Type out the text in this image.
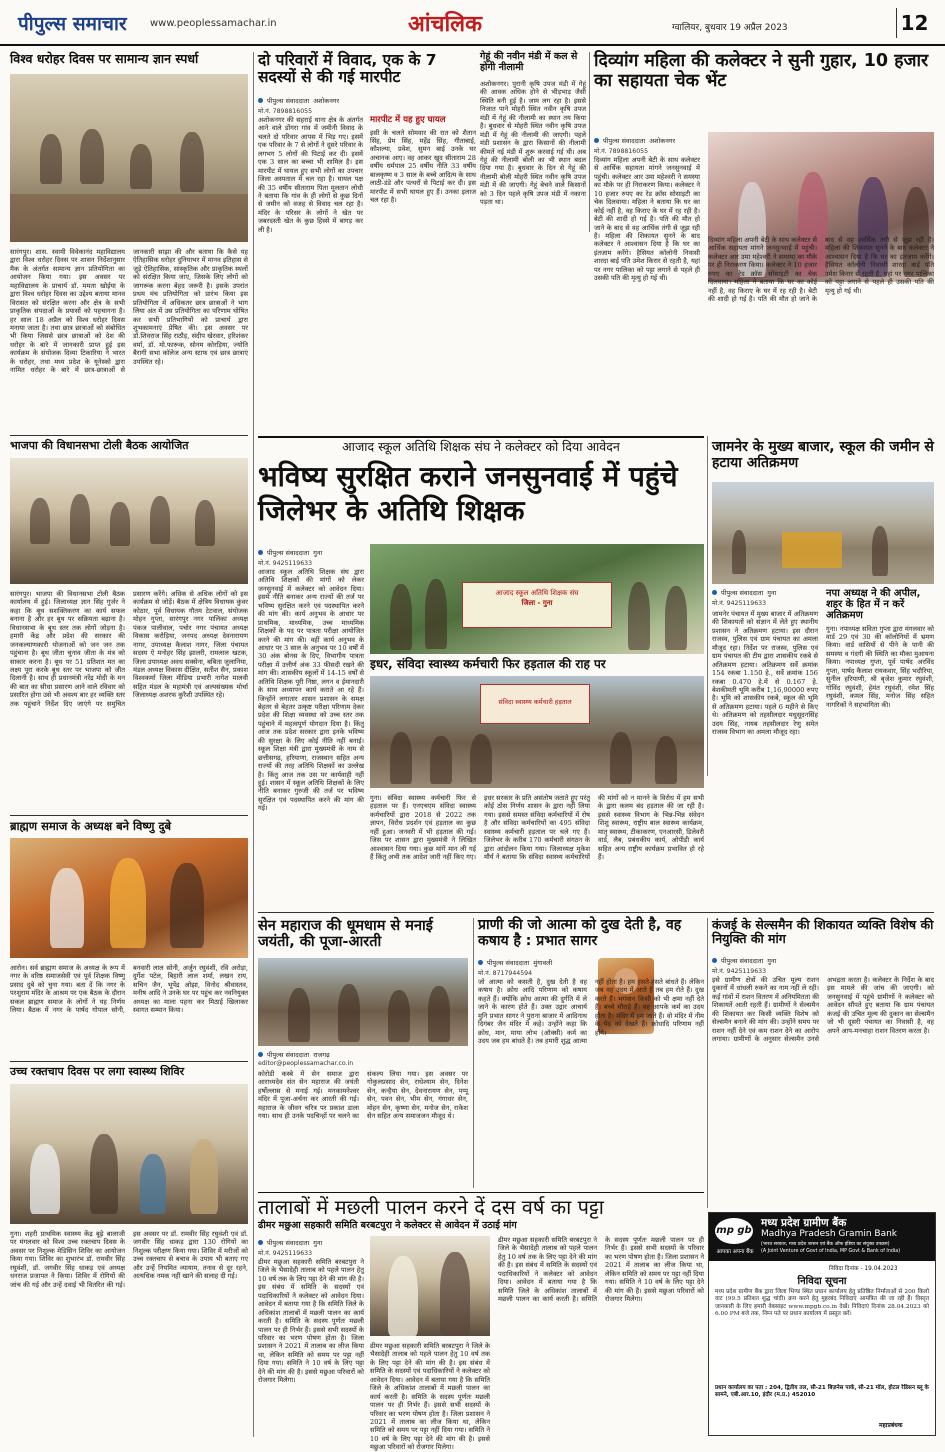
पीपुल्स समाचार www.peoplessamachar.in	आंचलिक	ग्वालियर, बुधवार 19 अप्रैल 2023	12
विश्व धरोहर दिवस पर सामान्य ज्ञान स्पर्धा
सारंगपुर। शास. स्वामी विवेकानंद महाविद्यालय द्वारा विश्व धरोहर दिवस पर शासन निर्देशानुसार मैक के अंतर्गत सामान्य ज्ञान प्रतियोगिता का आयोजन किया गया। इस अवसर पर महाविद्यालय के प्राचार्य डॉ. ममता खोईया के द्वारा विश्व धरोहर दिवस का उद्देश्य बताया मानव विरासत को संरक्षित करना और क्षेत्र के सभी प्राकृतिक संपदाओं के प्रयासों को पहचानना है। हर साल 18 अप्रैल को विश्व धरोहर दिवस मनाया जाता है। तथा छात्र छात्राओं को संबोधित भी किया जिससे छात्र छात्राओं को देश की धरोहर के बारे में जानकारी प्राप्त हुई इस कार्यक्रम के संयोजक दिव्या टिकारिया ने भारत के धरोहर, तथा मध्य प्रदेश के यूनेस्को द्वारा नामित धरोहर के बारे में छात्र-छात्राओं से जानकारी साझा की और बताया कि कैसे यह ऐतिहासिक धरोहर दुनियाभर में मानव इतिहास से जुड़े ऐतिहासिक, सांस्कृतिक और प्राकृतिक स्थलों को संरक्षित किया जाए, जिसके लिए लोगों को जागरूक करना बेहद जरूरी है। इसके उपरांत प्रथम मंच प्रतियोगिता को प्रारंभ किया इस प्रतियोगिता में अधिकतर छात्र छात्राओं ने भाग लिया अंत में उस प्रतियोगिता का परिणाम घोषित कर सभी प्रतिभागियों को प्राचार्य द्वारा शुभकामनाएं प्रेषित की। इस अवसर पर डॉ.शिवराज सिंह राठौड़, संदीप खेरवार, हरिशंकर वर्मा, डॉ. मो.फारूक, सोनम कोरड़िया, ज्योति बैरागी सभा कॉलेज अन्य स्टाफ एवं छात्र छात्राएं उपस्थित रहे।
भाजपा की विधानसभा टोली बैठक आयोजित
सारंगपुर। भाजपा की विधानसभा टोली बैठक कार्यालय में हुई। जिलाध्यक्ष ज्ञान सिंह गुर्जर ने कहा कि बूथ सशक्तिकरण का कार्य सफल बनाना है और हर बूथ पर सक्रियता बढ़ाना है। विधानसभा के बूथ स्तर तक लोगों जोड़ना है। हमारी केंद्र और प्रदेश की सरकार की जनकल्याणकारी योजनाओं को जन जन तक पहुंचाना है। बूथ जीता चुनाव जीता के मंत्र को साकार करना है। बूथ पर 51 प्रतिशत मत का लक्ष्य पूरा करके बूथ स्तर पर भाजपा को जीत दिलानी है। साथ ही प्रधानमंत्री नरेंद्र मोदी के मन की बात का सीधा प्रसारण आने वाले रविवार को प्रसारित होगा उसे भी अवश्य बार हर व्यक्ति स्तर तक पहुंचाने निर्देश दिए जाएंगे पर समुचित प्रसारण करेंगे। अधिक से अधिक लोगों को इस कार्यक्रम से जोड़ें। बैठक में क्षेत्रिय विधायक कुंवर कोठार, पूर्व विधायक गौतम टेटवाल, संयोजक मोहन गुप्ता, सारंगपुर नगर पालिका अध्यक्ष पंकज पालीवाल, पचोर नगर पंचायत अध्यक्ष विकास करोड़िया, जनपद अध्यक्ष देवनारायण नागर, उपाध्यक्ष कैलाश नागर, जिला पंचायत सदस्य ऐ मनोहर सिंह झालरी, रामलाल खटक, जिला उपाध्यक्ष अवध सक्सेना, बबिता जुलानिया, मंडल अध्यक्ष विकास दीक्षित, सतीश सैन, प्रकाश विश्वकर्मा जिला मीडिया प्रभारी नागेश मालवी सहित मंडल के महामंत्री एवं अल्पसंख्यक मोर्चा जिलाध्यक्ष अशरफ कुरैशी उपस्थित रहे।
ब्राह्मण समाज के अध्यक्ष बने विष्णु दुबे
आरोन। सर्व ब्राह्मण समाज के अध्यक्ष के रूप में नगर के वरिष्ठ समाजसेवी एवं पूर्व शिक्षक विष्णु प्रसाद दुबे को चुना गया। बता दें कि नगर के परशुराम मंदिर के आश्रम पर एक बैठक के दौरान सकल ब्राह्मण समाज के लोगों ने यह निर्णय लिया। बैठक में नगर के पार्षद गोपाल सोनी, बनवारी लाल सोनी, अर्जुन रघुवंशी, रवि अरोड़ा, दुर्गेश पटेल, बिहारी लाल शर्मा, लखन राय, सचिन जैन, भूपेंद्र ओझा, विनोद श्रीवास्तव, मनीष आदि ने उनके घर पर पहुंच कर नवनियुक्त अध्यक्ष का माला पहना कर मिठाई खिलाकर स्वागत सम्मान किया।
उच्च रक्तचाप दिवस पर लगा स्वास्थ्य शिविर
गुना। शहरी प्राथमिक स्वास्थ्य केंद्र बूढ़े बालाजी पर मंगलवार को विश्व उच्च रक्तचाप दिवस के अवसर पर निशुल्क मेडिसिन शिविर का आयोजन किया गया। शिविर का शुभारंभ डॉ. रामवीर सिंह रघुवंशी, डॉ. जगवीर सिंह धाकड़ एवं अध्यक्ष धनराज प्रजापत ने किया। शिविर में रोगियों की जांच की गई और उन्हें दवाई भी वितरित की गई। इस अवसर पर डॉ. रामवीर सिंह रघुवंशी एवं डॉ. जगवीर सिंह धाकड़ द्वारा 130 रोगियों का निशुल्क परीक्षण किया गया। शिविर में मरीजों को उच्च रक्तचाप से बचाव के उपाय भी बताए गए और उन्हें नियमित व्यायाम, तनाव से दूर रहने, अत्यधिक नमक नहीं खाने की सलाह दी गई।
दो परिवारों में विवाद, एक के 7 सदस्यों से की गई मारपीट
पीपुल्स संवाददाता अशोकनगर
मो.नं. 7898816055
अशोकनगर की सहराई थाना क्षेत्र के अंतर्गत आने वाले डोंगरा गांव में जमीनी विवाद के चलते दो परिवार आपस में भिड़ गए। इसमें एक परिवार के 7 से लोगों ने दूसरे परिवार के लगभग 5 लोगों की पिटाई कर दी। इसमें एक 3 साल का बच्चा भी शामिल है। इस मारपीट में घायल हुए सभी लोगों का उपचार जिला अस्पताल में चल रहा है। घायल पक्ष की 35 वर्षीय सीताराम पिता मुलतान लोधी ने बताया कि गांव के ही लोगों से कुछ दिनों से जमीन को वजह से विवाद चल रहा है। मंदिर के परिसर के लोगों ने खेत पर जबरदस्ती खेत के कुछ हिस्से में बागड़ कर ली है।
मारपीट में यह हुए घायल
इसी के चलते सोमवार की रात को शैतान सिंह, प्रेम सिंह, महेंद्र सिंह, गीताबाई, कौशल्या, प्रवेश, सुमन बाई उनके घर अचानक आए। वह आकर खुद सीताराम 28 वर्षीय धर्मपाल 25 वर्षीय नीति 33 वर्षीय बालकृष्ण व 3 साल के बच्चे आदित्य के साथ लाठी-डंडे और पत्थरों से पिटाई कर दी। इस मारपीट में सभी घायल हुए हैं। उनका इलाज चल रहा है।
गेहूं की नवीन मंडी में कल से होगी नीलामी
अशोकनगर। पुरानी कृषि उपज मंडी में गेहूं की आवक अधिक होने से भीड़भाड़ जैसी स्थिति बनी हुई है। जाम लग रहा है। इससे निजात पाने मोहरी स्थित नवीन कृषि उपज मंडी में गेहूं की नीलामी का स्थान तय किया है। बुधवार से मोहरी स्थित नवीन कृषि उपज मंडी में गेहूं की नीलामी की जाएगी। पहले मंडी प्रशासन के द्वारा किसानों की नीलामी कीमतें नई मंडी में शुरू करवाई गई थी। अब गेहूं की नीलामी बोली का भी स्थान बदल दिया गया है। बुधवार के दिन से गेहूं की नीलामी बोली मोहरी स्थित नवीन कृषि उपज मंडी में की जाएगी। गेहूं बेचने वाले किसानों को 3 दिन पहले कृषि उपज मंडी में नकाना पड़ता था।
दिव्यांग महिला की कलेक्टर ने सुनी गुहार, 10 हजार का सहायता चेक भेंट
पीपुल्स संवाददाता अशोकनगर
मो.नं. 7898816055
दिव्यांग महिला अपनी बेटी के साथ कलेक्टर से आर्थिक सहायता मांगने जनसुनवाई में पहुंची। कलेक्टर आर उमा महेश्वरी ने समस्या का मौके पर ही निराकरण किया। कलेक्टर ने 10 हजार रुपए का रेड क्रॉस सोसाइटी का चेक दिलवाया। महिला ने बताया कि घर का कोई नहीं है, वह किराए के घर में रह रही है। बेटी की शादी हो गई है। पति की मौत हो जाने के बाद से वह आर्थिक तंगी से जूझ रही है। महिला की शिकायत सुनने के बाद कलेक्टर ने आश्वासन दिया है कि घर का इंतजाम करेंगे। हैसियत कॉलोनी निवासी शारदा बाई पति उमेश किरार से रहती है, यहां पर नगर पालिका को पट्टा लगाने से पहले ही उसकी पति की मृत्यु हो गई थी।
दिव्यांग महिला अपनी बेटी के साथ कलेक्टर से आर्थिक सहायता मांगने जनसुनवाई में पहुंची। कलेक्टर आर उमा महेश्वरी ने समस्या का मौके पर ही निराकरण किया। कलेक्टर ने 10 हजार रुपए का रेड क्रॉस सोसाइटी का चेक दिलवाया। महिला ने बताया कि घर का कोई नहीं है, वह किराए के घर में रह रही है। बेटी की शादी हो गई है। पति की मौत हो जाने के बाद से वह आर्थिक तंगी से जूझ रही है। महिला की शिकायत सुनने के बाद कलेक्टर ने आश्वासन दिया है कि घर का इंतजाम करेंगे। हैसियत कॉलोनी निवासी शारदा बाई पति उमेश किरार से रहती है, यहां पर नगर पालिका को पट्टा लगाने से पहले ही उसकी पति की मृत्यु हो गई थी।
आजाद स्कूल अतिथि शिक्षक संघ ने कलेक्टर को दिया आवेदन
भविष्य सुरक्षित कराने जनसुनवाई में पहुंचे जिलेभर के अतिथि शिक्षक
पीपुल्स संवाददाता गुना
मो.नं. 9425119633
आजाद स्कूल अतिथि शिक्षक संघ द्वारा अतिथि शिक्षकों की मांगों को लेकर जनसुनवाई में कलेक्टर को आवेदन दिया। इसमें नीति बनाकर अन्य राज्यों की तर्ज पर भविष्य सुरक्षित करने एवं पदस्थापित करने की मांग की। कार्य अनुभव के आधार पर प्राथमिक, माध्यमिक, उच्च माध्यमिक शिक्षकों के पद पर पात्रता परीक्षा आयोजित करने की मांग की। वहीं कार्य अनुभव के आधार पर 3 साल के अनुभव पर 10 वर्षों में 30 अंक बोनस के दिए, विभागीय पात्रता परीक्षा में उत्तीर्ण अंक 33 फीसदी रखने की मांग की। शासकीय स्कूलों में 14-15 वर्षों से अतिथि शिक्षक पूरी निष्ठा, लगन व ईमानदारी के साथ अध्यापन कार्य कराते आ रहे हैं। जिन्होंने लगातार शासन प्रशासन के समक्ष बेहतर से बेहतर उत्कृष्ट परीक्षा परिणाम देकर प्रदेश की शिक्षा व्यवस्था को उच्च स्तर तक पहुंचाने में महत्वपूर्ण योगदान दिया है। किंतु आज तक प्रदेश सरकार द्वारा इनके भविष्य की सुरक्षा के लिए कोई नीति नहीं बनाई। स्कूल शिक्षा मंत्री द्वारा मुख्यमंत्री के नाम से छत्तीसगढ़, हरियाणा, राजस्थान सहित अन्य राज्यों की तरह अतिथि शिक्षकों का उल्लेख है। किंतु आज तक उस पर कार्यवाही नहीं हुई। शासन में स्कूल अतिथि शिक्षकों के लिए नीति बनाकर गुरुजी की तर्ज पर भविष्य सुरक्षित एवं पदस्थापित करने की मांग की गई।
आजाद स्कूल अतिथि शिक्षक संघ
जिला - गुना
जामनेर के मुख्य बाजार, स्कूल की जमीन से हटाया अतिक्रमण
पीपुल्स संवाददाता गुना
मो.नं. 9425119633
जामनेर पंचायत में मुख्य बाजार में अतिक्रमण की शिकायतों को संज्ञान में लेते हुए स्थानीय प्रशासन ने अतिक्रमण हटाया। इस दौरान राजस्व, पुलिस एवं ग्राम पंचायत का अमला मौजूद रहा। निर्देश पर राजस्व, पुलिस एवं ग्राम पंचायत की टीम द्वारा शासकीय रकबे से अतिक्रमण हटाया। अतिक्रमण सर्वे क्रमांक 154 रकबा 1.150 हे., सर्वे क्रमांक 156 रकबा 0.470 हे.में से 0.167 हे. बेशकीमती भूमि करीब 1,16,90000 रुपए है। भूमि को शासकीय रकबे, स्कूल की भूमि से अतिक्रमण हटाया। पहले 6 महीने से किए थे। अतिक्रमण को तहसीलदार मधुसूदनसिंह उदय सिंह, नायब तहसीलदार रेणु समेत राजस्व विभाग का अमला मौजूद रहा।
नपा अध्यक्ष ने की अपील, शहर के हित में न करें अतिक्रमण
गुना। नपाध्यक्ष सविता गुप्ता द्वारा मंगलवार को वार्ड 29 एवं 30 की कॉलोनियों में भ्रमण किया। वार्ड वासियों से पीने के पानी की समस्या व गंदगी की स्थिति का मौका मुआयना किया। नपाध्यक्ष गुप्ता, पूर्व पार्षद अरविंद गुप्ता, पार्षद कैलाश रायकवार, सिंह भदौरिया, सुनील हरियाणी, श्री बृजेश कुमार रघुवंशी, गोविंद रघुवंशी, हेमंत रघुवंशी, रमेश सिंह रघुवंशी, कमल सिंह, मनोज सिंह सहित नागरिकों ने सहभागिता की।
इधर, संविदा स्वास्थ्य कर्मचारी फिर हड़ताल की राह पर
संविदा स्वास्थ्य कर्मचारी हड़ताल
गुना। संविदा स्वास्थ्य कर्मचारी फिर से हड़ताल पर हैं। एनएचएम संविदा स्वास्थ्य कर्मचारियों द्वारा 2018 से 2022 तक ज्ञापन, विरोध प्रदर्शन एवं हड़ताल का कुछ नहीं हुआ। जनवरी में भी हड़ताल की गई। जिस पर शासन द्वारा मुख्यमंत्री ने लिखित आश्वासन दिया गया। कुछ मांगें मान ली गई हैं किंतु अभी तक आदेश जारी नहीं किए गए। इधर सरकार के प्रति असंतोष जताते हुए परंतु कोई ठोस निर्णय शासन के द्वारा नहीं लिया गया। इससे समस्त संविदा कर्मचारियों में रोष है और संविदा कर्मचारियों का 495 संविदा स्वास्थ्य कर्मचारी हड़ताल पर चले गए हैं। जिलेभर के करीब 170 कर्मचारी संगठन के द्वारा आंदोलन किया गया। जिलाध्यक्ष मुकेश मौर्य ने बताया कि संविदा स्वास्थ्य कर्मचारियों की मांगों को न मानने के विरोध में हम सभी के द्वारा कलम बंद हड़ताल की जा रही है। इससे स्वास्थ्य विभाग के भिन्न-भिन्न संवेदन शिशु स्वास्थ्य, राष्ट्रीय बाल स्वास्थ्य कार्यक्रम, मातृ स्वास्थ्य, टीकाकरण, एनआरसी, डिलेवरी वार्ड, लैब, प्रबंधकीय कार्य, ओपीडी कार्य सहित अन्य राष्ट्रीय कार्यक्रम प्रभावित हो रहे हैं।
सेन महाराज की धूमधाम से मनाई जयंती, की पूजा-आरती
पीपुल्स संवाददाता राजगढ़
editor@peoplessamachar.co.in
कोरोडी कस्बे में सेन समाज द्वारा आराध्यदेव संत सेन महाराज की जयंती हर्षोल्लास से मनाई गई। मनकामनेश्वर मंदिर में पूजा-अर्चना कर आरती की गई। महाराज के जीवन चरित्र पर प्रकाश डाला गया। साथ ही उनके पदचिन्हों पर चलने का संकल्प लिया गया। इस अवसर पर गोकुलप्रसाद सेन, राधेश्याम सेन, दिनेश सेन, कन्हैया सेन, देवनारायण सेन, पप्पू सेन, पवन सेन, भीम सेन, गंगाधर सेन, मोहन सेन, कृष्णा सेन, मनोज सेन, राकेश सेन सहित अन्य समाजजन मौजूद थे।
प्राणी की जो आत्मा को दुख देती है, वह कषाय है : प्रभात सागर
पीपुल्स संवाददाता मुंगावली
मो.नं. 8717944594
जो आत्मा को कसती है, दुख देती है वह कषाय है। क्रोध आदि परिणाम को कषाय कहते हैं। क्योंकि क्रोध आत्मा की दुर्गति में ले जाने के कारण होते हैं। उक्त उद्गार आचार्य मुनि प्रभात सागर ने पुराना बाजार में आदिनाथ दिगंबर जैन मंदिर में कहे। उन्होंने कहा कि क्रोध, मान, माया लोभ (ऑक्सी) कर्म का उदय जब हम बांधते है। तब हमारी शुद्ध आत्मा नहीं होता है। हम हंसते-हंसते बांधते हैं। लेकिन जब वह उदय में आते हैं तब हम रोते हैं। दुख करते हैं। भगवान किसी को भी क्षमा नहीं देते हैं। बच्चे चौराहे हैं। वह आपके कर्म का उदय होता है। मंदिर में हम जाते हैं। वो मंदिर में नीम के पेड़ को देखते हैं। क्रोधादि परिणाम नहीं होंगे।
कंजई के सेल्समैन की शिकायत व्यक्ति विशेष की नियुक्ति की मांग
पीपुल्स संवाददाता गुना
मो.नं. 9425119633
इसे ग्रामीण क्षेत्रों की उचित मूल्य राशन दुकानों में धांधली रुकने का नाम नहीं ले रही। कई गांवों में राशन वितरण में अनियमितता की शिकायतें आती रहती हैं। ग्रामीणों ने सेल्समैन की शिकायत कर किसी व्यक्ति विशेष को सेल्समैन बनाने की मांग की। उन्होंने समय पर राशन नहीं देने एवं कम राशन देने का आरोप लगाया। ग्रामीणों के अनुसार सेल्समैन उनसे अभद्रता करता है। कलेक्टर के निर्देश के बाद इस मामले की जांच की जाएगी। को जनसुनवाई में पहुंचे ग्रामीणों ने कलेक्टर को आवेदन सौंपते हुए बताया कि ग्राम पंचायत कंजई की उचित मूल्य की दुकान का सेल्समैन जो भी दूसरी पंचायत का निवासी है, वह अपने आप-मनचाहा राशन वितरण करता है।
तालाबों में मछली पालन करने दें दस वर्ष का पट्टा
ढीमर मछुआ सहकारी समिति बरबटपुरा ने कलेक्टर से आवेदन में उठाई मांग
पीपुल्स संवाददाता गुना
मो.नं. 9425119633
ढीमर मछुआ सहकारी समिति बरबटपुरा ने जिले के भैसादेही तालाब को पहले पालन हेतु 10 वर्ष तक के लिए पट्टा देने की मांग की है। इस संबंध में समिति के सदस्यों एवं पदाधिकारियों ने कलेक्टर को आवेदन दिया। आवेदन में बताया गया है कि समिति जिले के अधिकांश तालाबों में मछली पालन का कार्य करती है। समिति के सदस्य पूर्णतः मछली पालन पर ही निर्भर हैं। इससे सभी सदस्यों के परिवार का भरण पोषण होता है। जिला प्रशासन ने 2021 में तालाब का लीज किया था, लेकिन समिति को समय पर पट्टा नहीं दिया गया। समिति ने 10 वर्ष के लिए पट्टा देने की मांग की है। इससे मछुआ परिवारों को रोजगार मिलेगा।
ढीमर मछुआ सहकारी समिति बरबटपुरा ने जिले के भैसादेही तालाब को पहले पालन हेतु 10 वर्ष तक के लिए पट्टा देने की मांग की है। इस संबंध में समिति के सदस्यों एवं पदाधिकारियों ने कलेक्टर को आवेदन दिया। आवेदन में बताया गया है कि समिति जिले के अधिकांश तालाबों में मछली पालन का कार्य करती है। समिति के सदस्य पूर्णतः मछली पालन पर ही निर्भर हैं। इससे सभी सदस्यों के परिवार का भरण पोषण होता है। जिला प्रशासन ने 2021 में तालाब का लीज किया था, लेकिन समिति को समय पर पट्टा नहीं दिया गया। समिति ने 10 वर्ष के लिए पट्टा देने की मांग की है। इससे मछुआ परिवारों को रोजगार मिलेगा।
ढीमर मछुआ सहकारी समिति बरबटपुरा ने जिले के भैसादेही तालाब को पहले पालन हेतु 10 वर्ष तक के लिए पट्टा देने की मांग की है। इस संबंध में समिति के सदस्यों एवं पदाधिकारियों ने कलेक्टर को आवेदन दिया। आवेदन में बताया गया है कि समिति जिले के अधिकांश तालाबों में मछली पालन का कार्य करती है। समिति के सदस्य पूर्णतः मछली पालन पर ही निर्भर हैं। इससे सभी सदस्यों के परिवार का भरण पोषण होता है। जिला प्रशासन ने 2021 में तालाब का लीज किया था, लेकिन समिति को समय पर पट्टा नहीं दिया गया। समिति ने 10 वर्ष के लिए पट्टा देने की मांग की है। इससे मछुआ परिवारों को रोजगार मिलेगा।
mp gb
आपका अपना बैंक
मध्य प्रदेश ग्रामीण बैंक
Madhya Pradesh Gramin Bank
(भारत सरकार, मध्य प्रदेश शासन एवं बैंक ऑफ इंडिया का संयुक्त उपक्रम)
(A Joint Venture of Govt of India, MP Govt & Bank of India)
निविदा दिनांक - 19.04.2023
निविदा सूचना
मध्य प्रदेश ग्रामीण बैंक द्वारा जिला भिण्ड स्थित प्रधान कार्यालय हेतु प्रतिष्ठित निर्माताओं से 200 किलो वाट (99.5 प्रतिशत शुद्ध चांदी) क्रय करने हेतु मुहरबंद निविदाएं आमंत्रित की जा रही हैं। विस्तृत जानकारी के लिए हमारी वेबसाइट www.mpgb.co.in देखें। निविदाएं दिनांक 28.04.2023 को 6.00 PM बजे तक, निम्न पते पर प्रधान कार्यालय में प्रस्तुत करें।
प्रधान कार्यालय का पता : 204, द्वितीय तल, सी-21 बिज़नेस पार्क, सी-21 मॉल, होटल रेडिसन ब्लू के सामने, एबी.आर.10, इंदौर (म.प्र.) 452010
महाप्रबंधक
